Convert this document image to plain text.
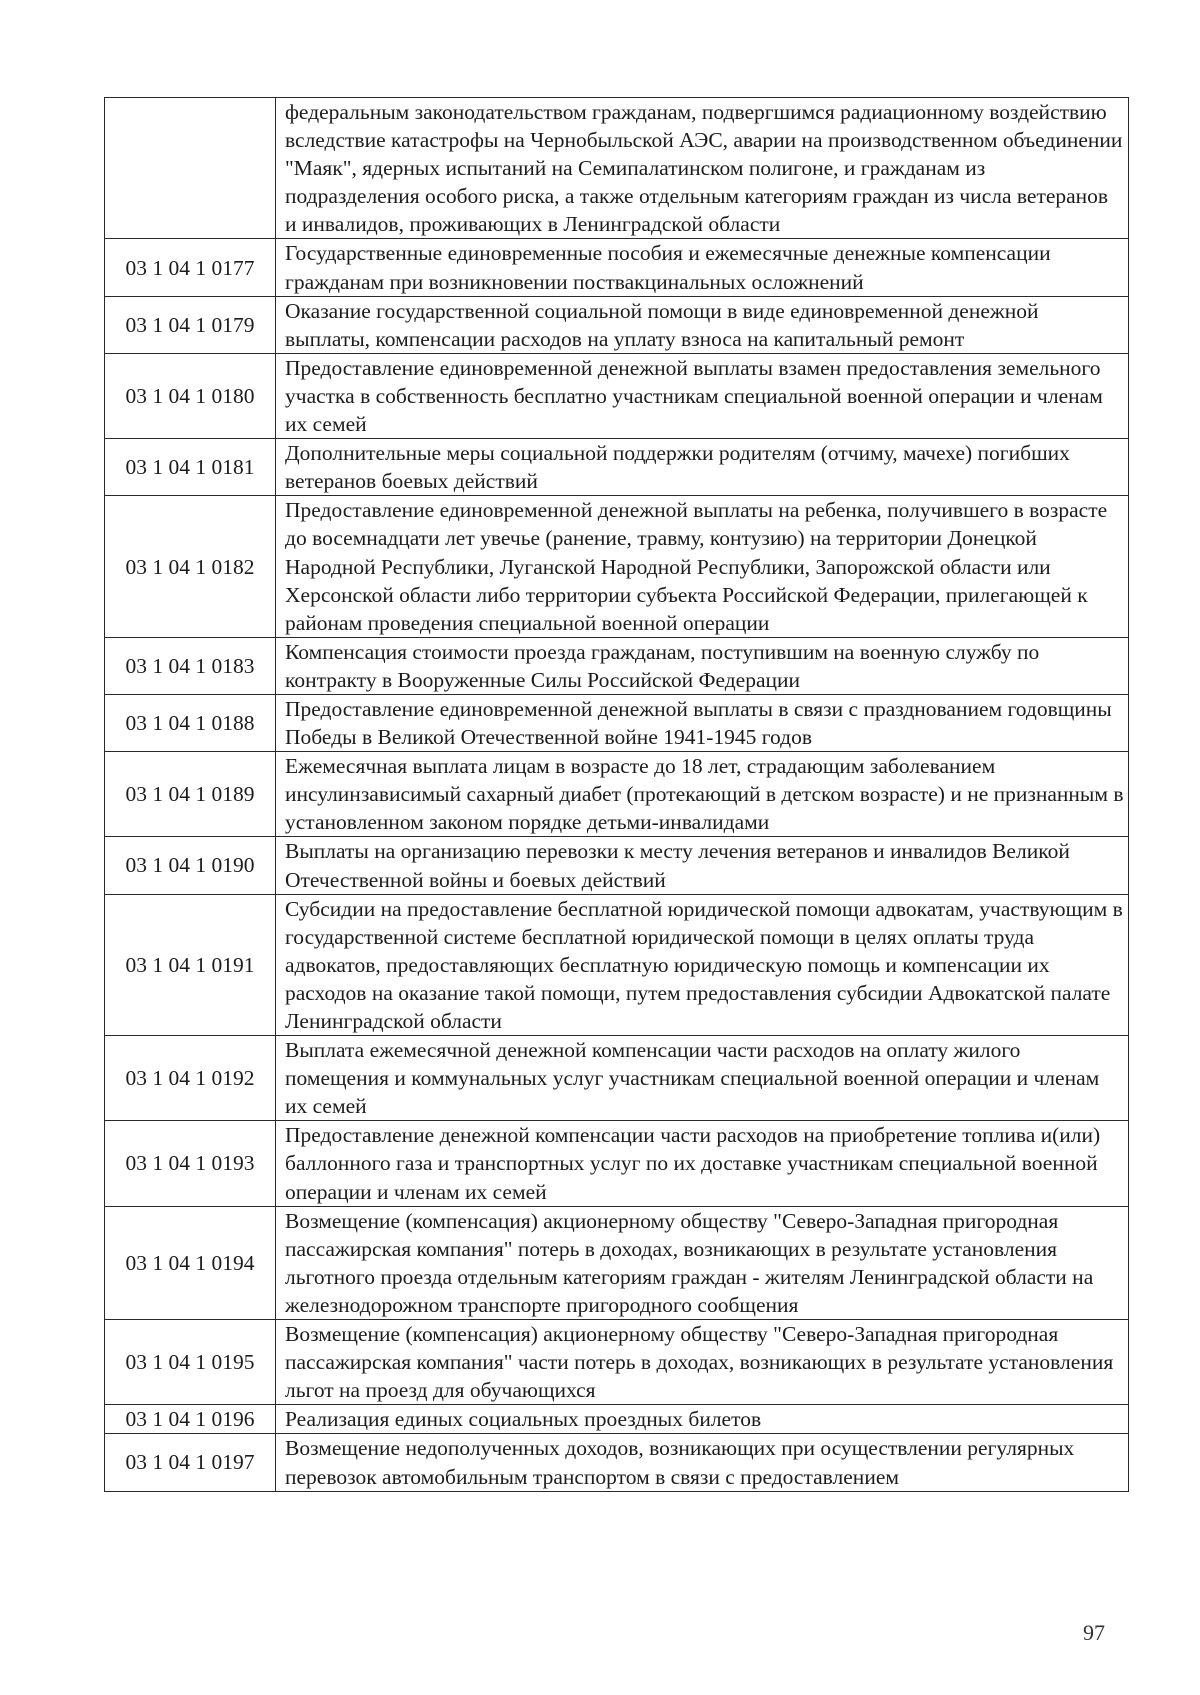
	федеральным законодательством гражданам, подвергшимся радиационному воздействию вследствие катастрофы на Чернобыльской АЭС, аварии на производственном объединении "Маяк", ядерных испытаний на Семипалатинском полигоне, и гражданам из подразделения особого риска, а также отдельным категориям граждан из числа ветеранов и инвалидов, проживающих в Ленинградской области
03 1 04 1 0177	Государственные единовременные пособия и ежемесячные денежные компенсации гражданам при возникновении поствакцинальных осложнений
03 1 04 1 0179	Оказание государственной социальной помощи в виде единовременной денежной выплаты, компенсации расходов на уплату взноса на капитальный ремонт
03 1 04 1 0180	Предоставление единовременной денежной выплаты взамен предоставления земельного участка в собственность бесплатно участникам специальной военной операции и членам их семей
03 1 04 1 0181	Дополнительные меры социальной поддержки родителям (отчиму, мачехе) погибших ветеранов боевых действий
03 1 04 1 0182	Предоставление единовременной денежной выплаты на ребенка, получившего в возрасте до восемнадцати лет увечье (ранение, травму, контузию) на территории Донецкой Народной Республики, Луганской Народной Республики, Запорожской области или Херсонской области либо территории субъекта Российской Федерации, прилегающей к районам проведения специальной военной операции
03 1 04 1 0183	Компенсация стоимости проезда гражданам, поступившим на военную службу по контракту в Вооруженные Силы Российской Федерации
03 1 04 1 0188	Предоставление единовременной денежной выплаты в связи с празднованием годовщины Победы в Великой Отечественной войне 1941-1945 годов
03 1 04 1 0189	Ежемесячная выплата лицам в возрасте до 18 лет, страдающим заболеванием инсулинзависимый сахарный диабет (протекающий в детском возрасте) и не признанным в установленном законом порядке детьми-инвалидами
03 1 04 1 0190	Выплаты на организацию перевозки к месту лечения ветеранов и инвалидов Великой Отечественной войны и боевых действий
03 1 04 1 0191	Субсидии на предоставление бесплатной юридической помощи адвокатам, участвующим в государственной системе бесплатной юридической помощи в целях оплаты труда адвокатов, предоставляющих бесплатную юридическую помощь и компенсации их расходов на оказание такой помощи, путем предоставления субсидии Адвокатской палате Ленинградской области
03 1 04 1 0192	Выплата ежемесячной денежной компенсации части расходов на оплату жилого помещения и коммунальных услуг участникам специальной военной операции и членам их семей
03 1 04 1 0193	Предоставление денежной компенсации части расходов на приобретение топлива и(или) баллонного газа и транспортных услуг по их доставке участникам специальной военной операции и членам их семей
03 1 04 1 0194	Возмещение (компенсация) акционерному обществу "Северо-Западная пригородная пассажирская компания" потерь в доходах, возникающих в результате установления льготного проезда отдельным категориям граждан - жителям Ленинградской области на железнодорожном транспорте пригородного сообщения
03 1 04 1 0195	Возмещение (компенсация) акционерному обществу "Северо-Западная пригородная пассажирская компания" части потерь в доходах, возникающих в результате установления льгот на проезд для обучающихся
03 1 04 1 0196	Реализация единых социальных проездных билетов
03 1 04 1 0197	Возмещение недополученных доходов, возникающих при осуществлении регулярных перевозок автомобильным транспортом в связи с предоставлением
97
